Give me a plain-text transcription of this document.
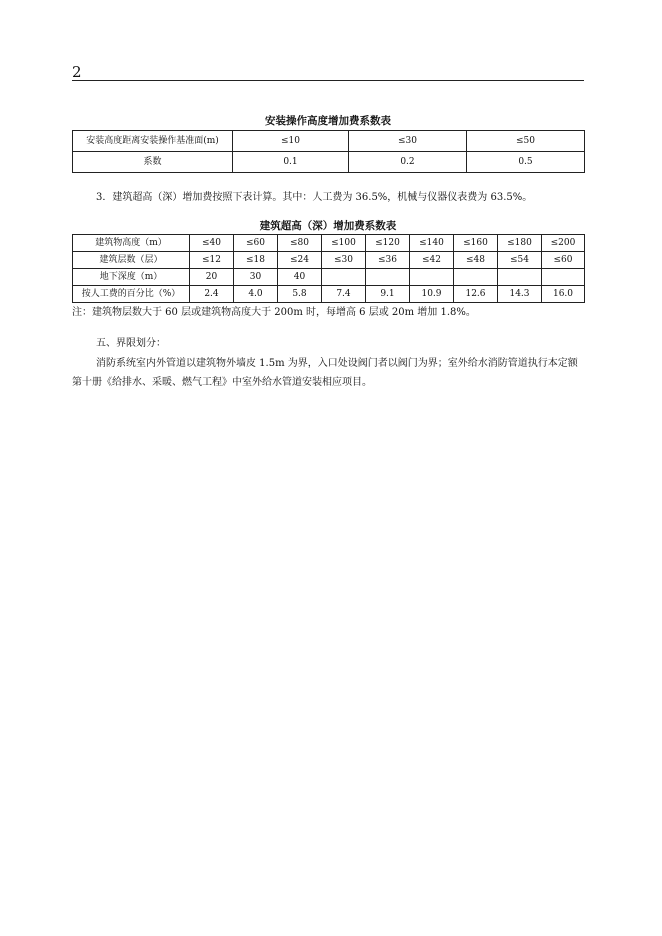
2
安装操作高度增加费系数表
安装高度距离安装操作基准面(m)	≤10	≤30	≤50
系数	0.1	0.2	0.5
3．建筑超高（深）增加费按照下表计算。其中：人工费为 36.5%，机械与仪器仪表费为 63.5%。
建筑超高（深）增加费系数表
建筑物高度（m）	≤40	≤60	≤80	≤100	≤120	≤140	≤160	≤180	≤200
建筑层数（层）	≤12	≤18	≤24	≤30	≤36	≤42	≤48	≤54	≤60
地下深度（m）	20	30	40						
按人工费的百分比（%）	2.4	4.0	5.8	7.4	9.1	10.9	12.6	14.3	16.0
注：建筑物层数大于 60 层或建筑物高度大于 200m 时，每增高 6 层或 20m 增加 1.8%。
五、界限划分：
消防系统室内外管道以建筑物外墙皮 1.5m 为界，入口处设阀门者以阀门为界；室外给水消防管道执行本定额第十册《给排水、采暖、燃气工程》中室外给水管道安装相应项目。
